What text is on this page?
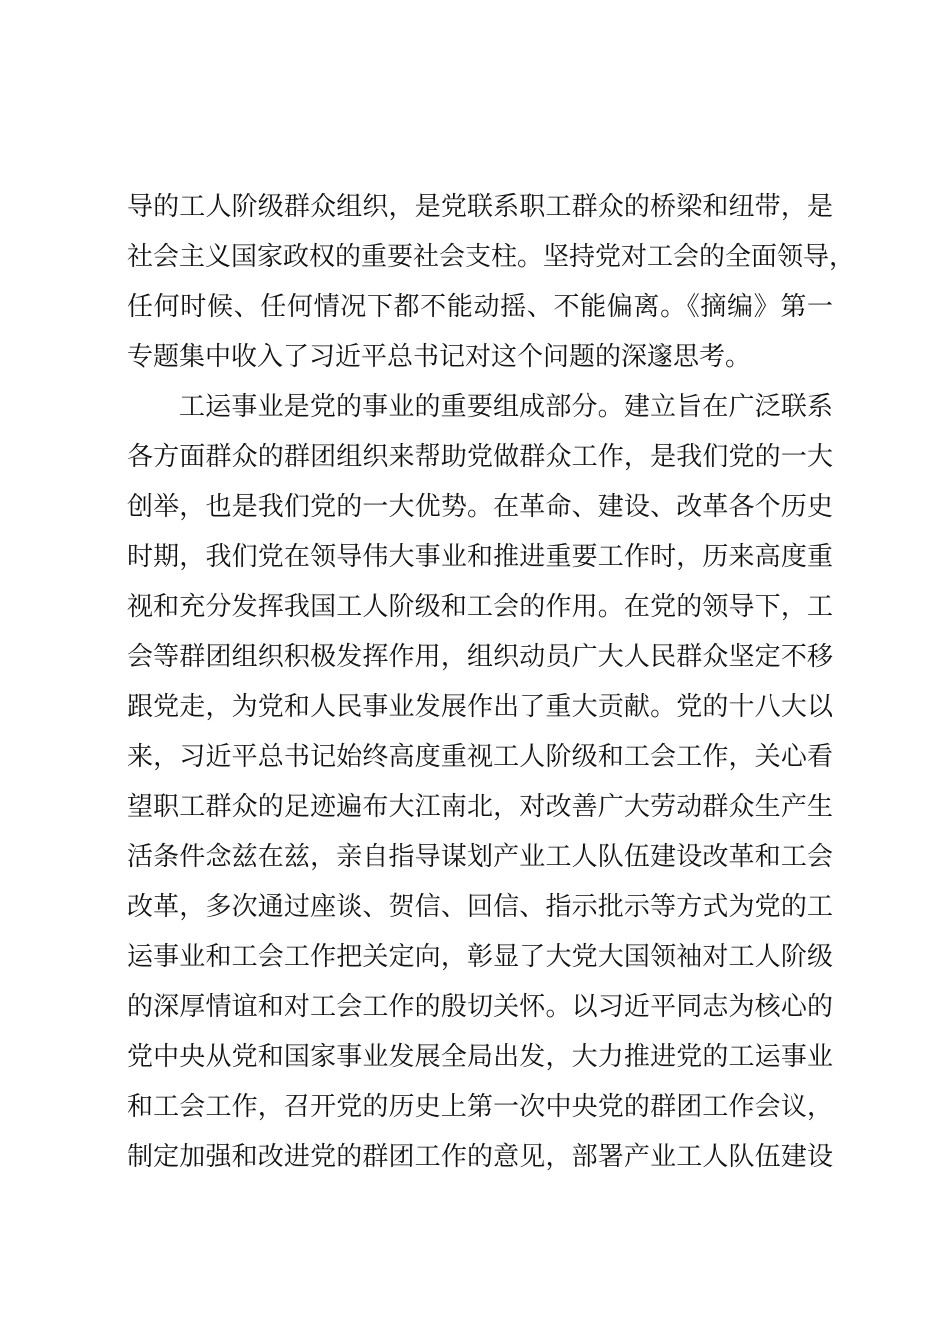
导的工人阶级群众组织，是党联系职工群众的桥梁和纽带，是
社会主义国家政权的重要社会支柱。坚持党对工会的全面领导，
任何时候、任何情况下都不能动摇、不能偏离。《摘编》第一
专题集中收入了习近平总书记对这个问题的深邃思考。
工运事业是党的事业的重要组成部分。建立旨在广泛联系
各方面群众的群团组织来帮助党做群众工作，是我们党的一大
创举，也是我们党的一大优势。在革命、建设、改革各个历史
时期，我们党在领导伟大事业和推进重要工作时，历来高度重
视和充分发挥我国工人阶级和工会的作用。在党的领导下，工
会等群团组织积极发挥作用，组织动员广大人民群众坚定不移
跟党走，为党和人民事业发展作出了重大贡献。党的十八大以
来，习近平总书记始终高度重视工人阶级和工会工作，关心看
望职工群众的足迹遍布大江南北，对改善广大劳动群众生产生
活条件念兹在兹，亲自指导谋划产业工人队伍建设改革和工会
改革，多次通过座谈、贺信、回信、指示批示等方式为党的工
运事业和工会工作把关定向，彰显了大党大国领袖对工人阶级
的深厚情谊和对工会工作的殷切关怀。以习近平同志为核心的
党中央从党和国家事业发展全局出发，大力推进党的工运事业
和工会工作，召开党的历史上第一次中央党的群团工作会议，
制定加强和改进党的群团工作的意见，部署产业工人队伍建设
